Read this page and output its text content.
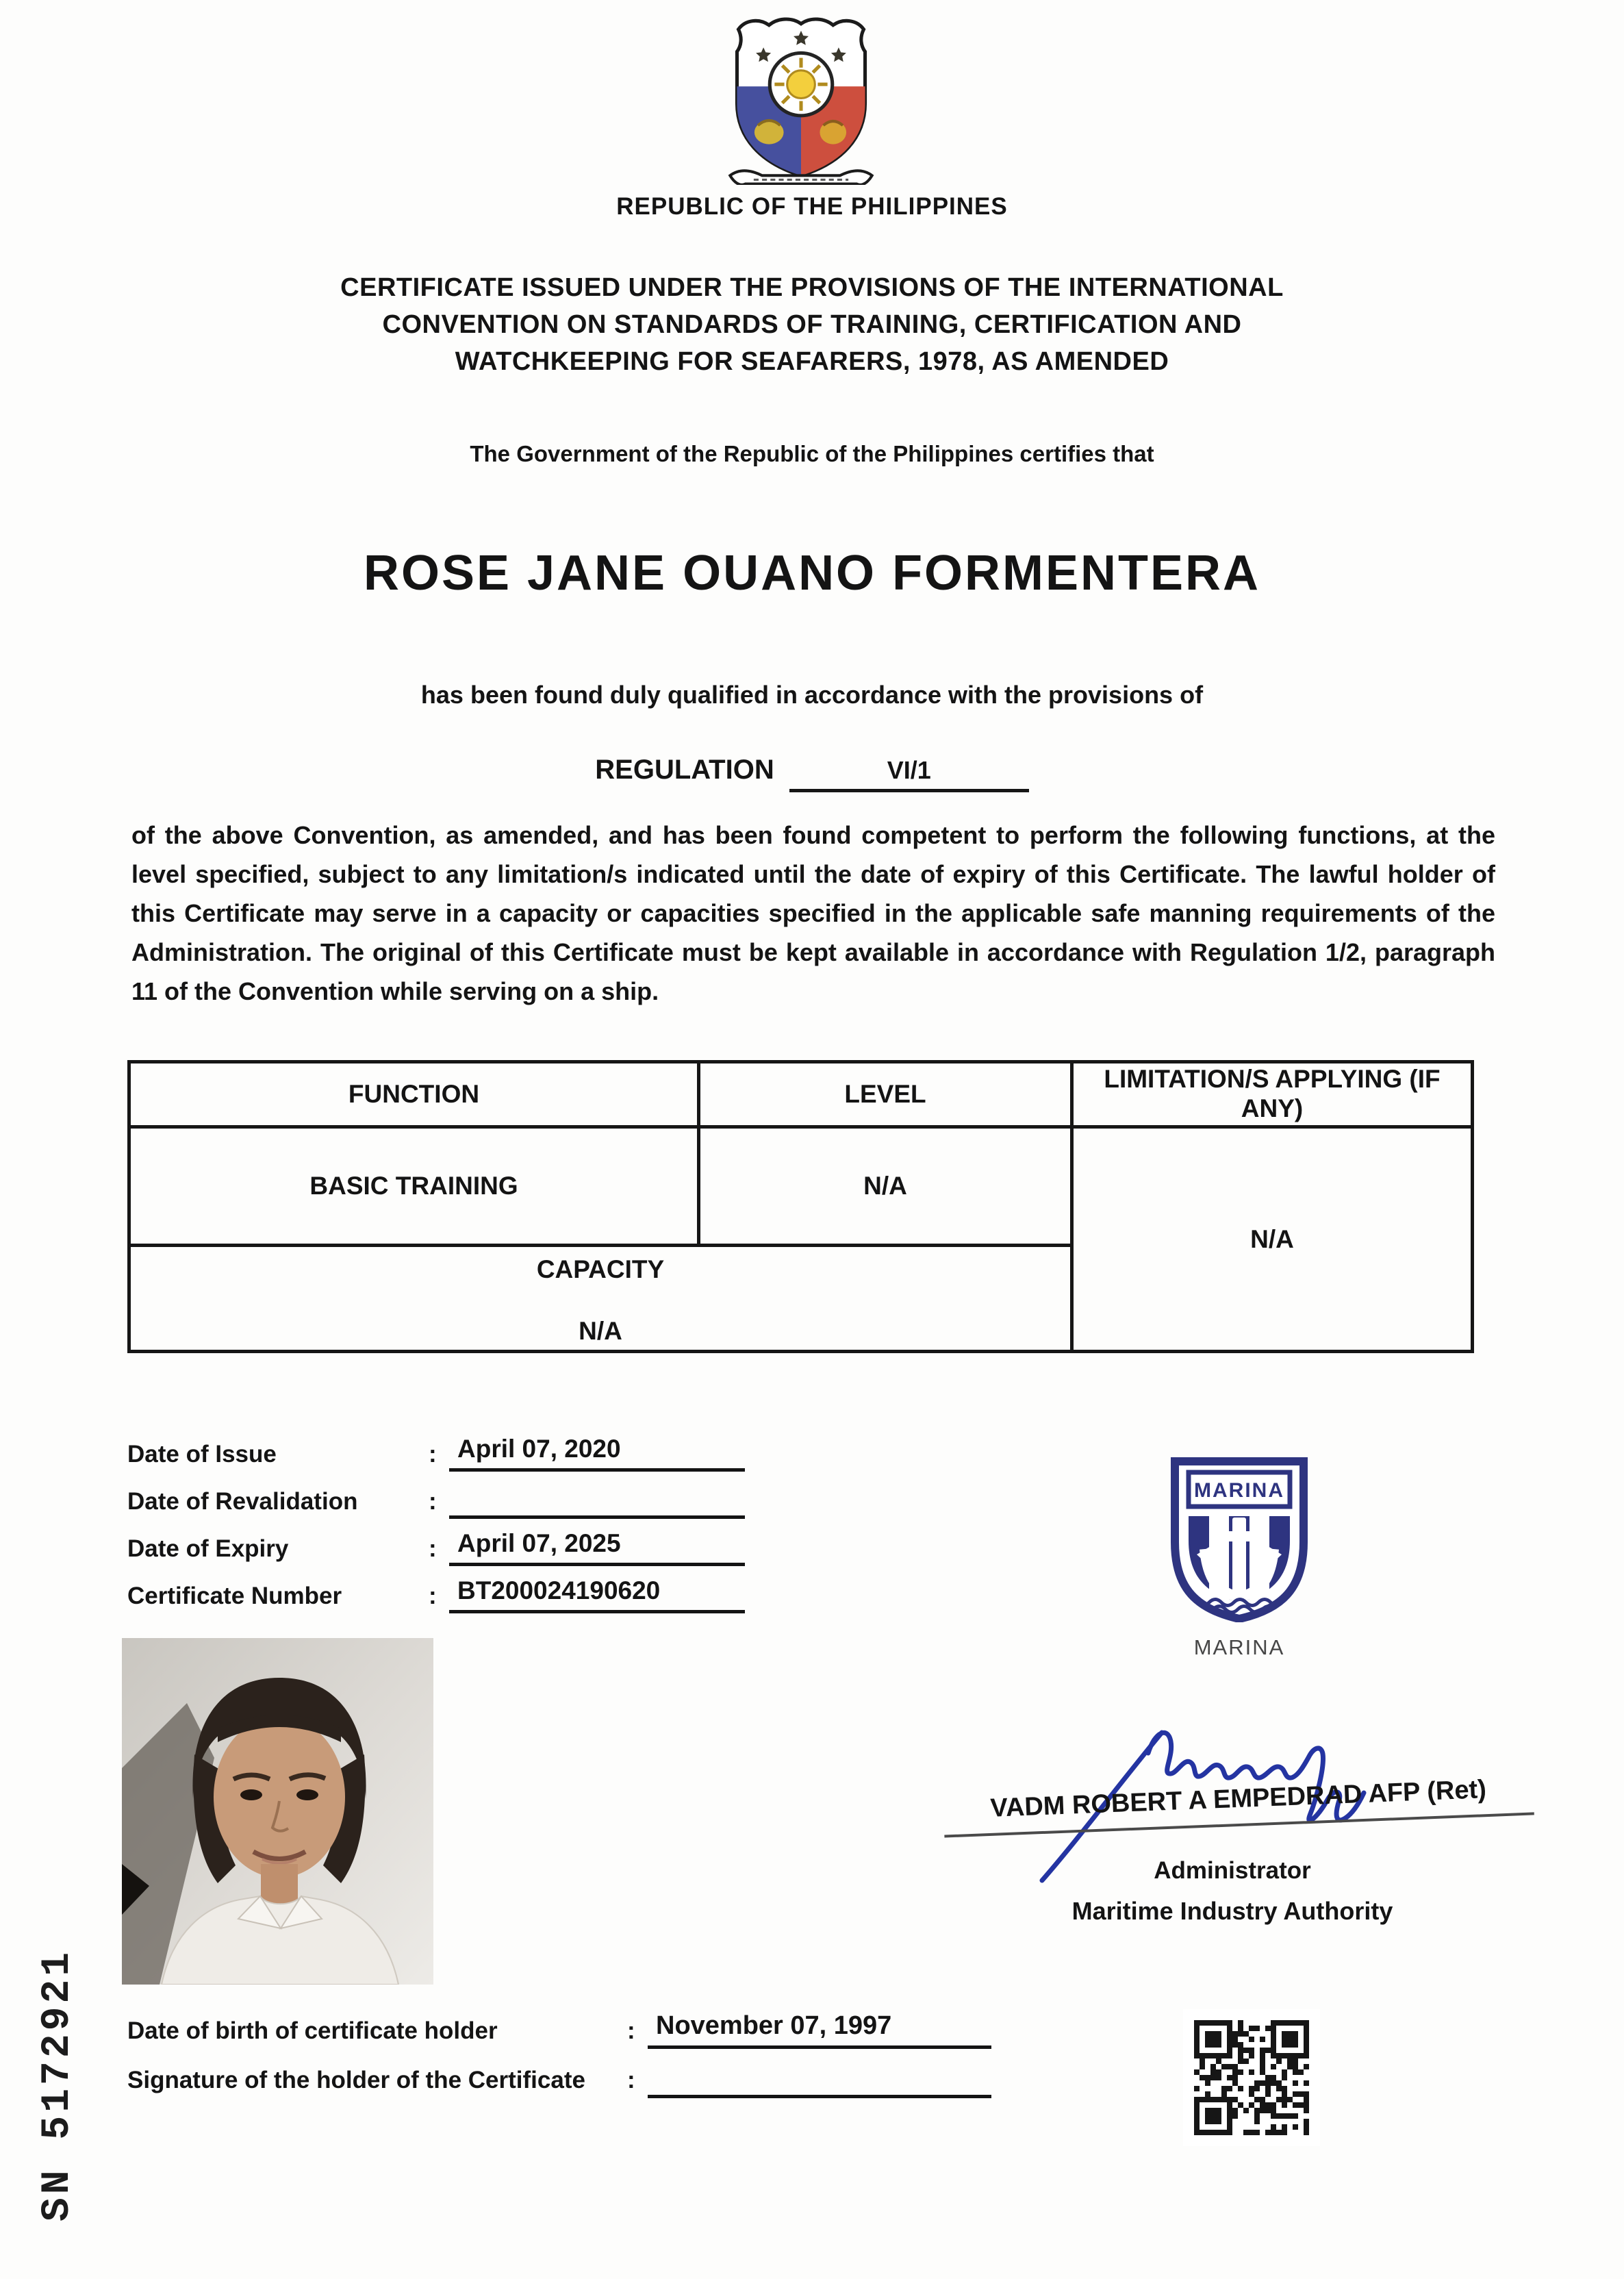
REPUBLIC OF THE PHILIPPINES
CERTIFICATE ISSUED UNDER THE PROVISIONS OF THE INTERNATIONAL
CONVENTION ON STANDARDS OF TRAINING, CERTIFICATION AND
WATCHKEEPING FOR SEAFARERS, 1978, AS AMENDED
The Government of the Republic of the Philippines certifies that
ROSE JANE OUANO FORMENTERA
has been found duly qualified in accordance with the provisions of
REGULATION	VI/1

of the above Convention, as amended, and has been found competent to perform the following functions, at the level specified, subject to any limitation/s indicated until the date of expiry of this Certificate. The lawful holder of this Certificate may serve in a capacity or capacities specified in the applicable safe manning requirements of the Administration. The original of this Certificate must be kept available in accordance with Regulation 1/2, paragraph 11 of the Convention while serving on a ship.

FUNCTION	LEVEL	LIMITATION/S APPLYING (IF ANY)
BASIC TRAINING	N/A	N/A

CAPACITY
N/A		
Date of Issue	: April 07, 2020
Date of Revalidation	:
Date of Expiry	: April 07, 2025
Certificate Number	: BT200024190620
MARINA
MARINA
VADM ROBERT A EMPEDRAD AFP (Ret)
Administrator
Maritime Industry Authority
Date of birth of certificate holder	: November 07, 1997
Signature of the holder of the Certificate	:
SN 5172921
